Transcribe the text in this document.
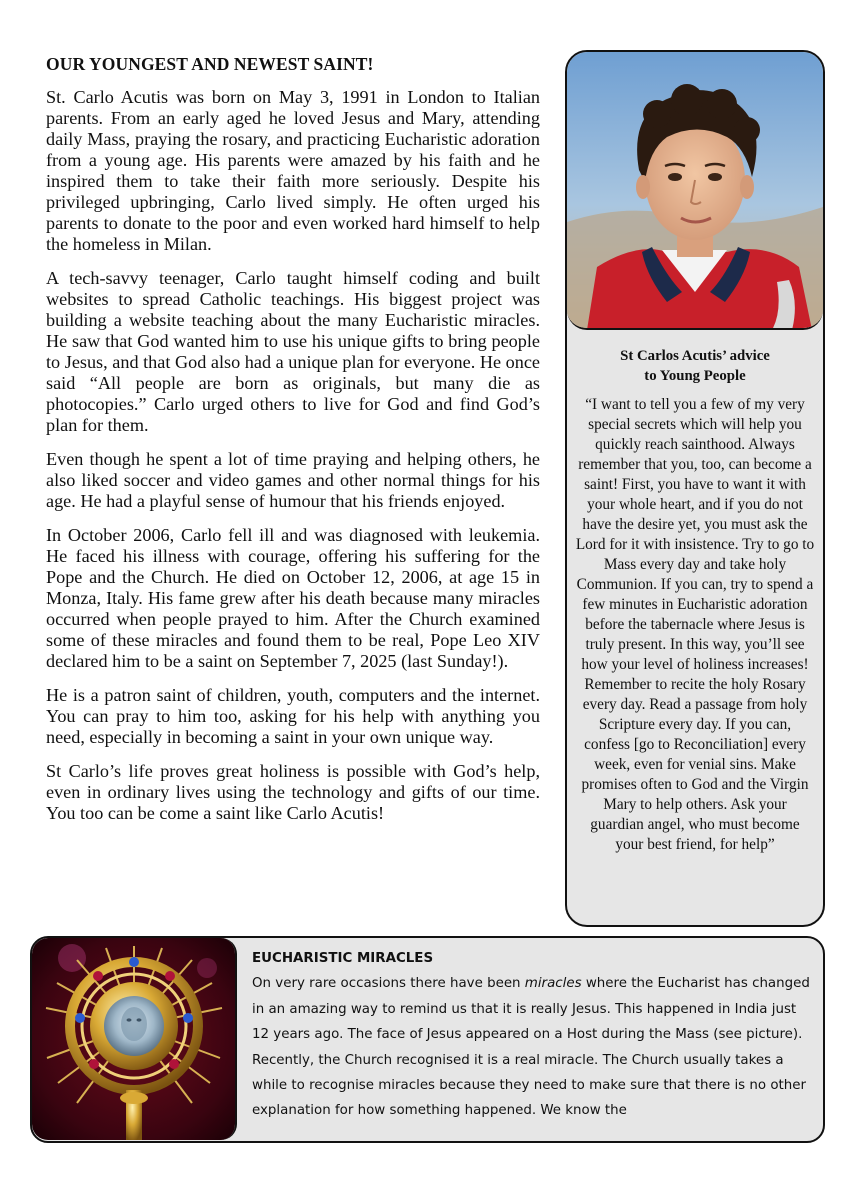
OUR YOUNGEST AND NEWEST SAINT!

St. Carlo Acutis was born on May 3, 1991 in London to Italian parents. From an early aged he loved Jesus and Mary, attending daily Mass, praying the rosary, and practicing Eucharistic adoration from a young age. His parents were amazed by his faith and he inspired them to take their faith more seriously. Despite his privileged upbringing, Carlo lived simply. He often urged his parents to donate to the poor and even worked hard himself to help the homeless in Milan.

A tech-savvy teenager, Carlo taught himself coding and built websites to spread Catholic teachings. His biggest project was building a website teaching about the many Eucharistic miracles. He saw that God wanted him to use his unique gifts to bring people to Jesus, and that God also had a unique plan for everyone. He once said “All people are born as originals, but many die as photocopies.” Carlo urged others to live for God and find God’s plan for them.

Even though he spent a lot of time praying and helping others, he also liked soccer and video games and other normal things for his age. He had a playful sense of humour that his friends enjoyed.

In October 2006, Carlo fell ill and was diagnosed with leukemia. He faced his illness with courage, offering his suffering for the Pope and the Church. He died on October 12, 2006, at age 15 in Monza, Italy. His fame grew after his death because many miracles occurred when people prayed to him. After the Church examined some of these miracles and found them to be real, Pope Leo XIV declared him to be a saint on September 7, 2025 (last Sunday!).

He is a patron saint of children, youth, computers and the internet. You can pray to him too, asking for his help with anything you need, especially in becoming a saint in your own unique way.

St Carlo’s life proves great holiness is possible with God’s help, even in ordinary lives using the technology and gifts of our time. You too can be come a saint like Carlo Acutis!

St Carlos Acutis’ advice
to Young People

“I want to tell you a few of my very special secrets which will help you quickly reach sainthood. Always remember that you, too, can become a saint! First, you have to want it with your whole heart, and if you do not have the desire yet, you must ask the Lord for it with insistence. Try to go to Mass every day and take holy Communion. If you can, try to spend a few minutes in Eucharistic adoration before the tabernacle where Jesus is truly present. In this way, you’ll see how your level of holiness increases! Remember to recite the holy Rosary every day. Read a passage from holy Scripture every day. If you can, confess [go to Reconciliation] every week, even for venial sins. Make promises often to God and the Virgin Mary to help others. Ask your guardian angel, who must become your best friend, for help”

EUCHARISTIC MIRACLES

On very rare occasions there have been miracles where the Eucharist has changed in an amazing way to remind us that it is really Jesus. This happened in India just 12 years ago. The face of Jesus appeared on a Host during the Mass (see picture). Recently, the Church recognised it is a real miracle. The Church usually takes a while to recognise miracles because they need to make sure that there is no other explanation for how something happened. We know the
